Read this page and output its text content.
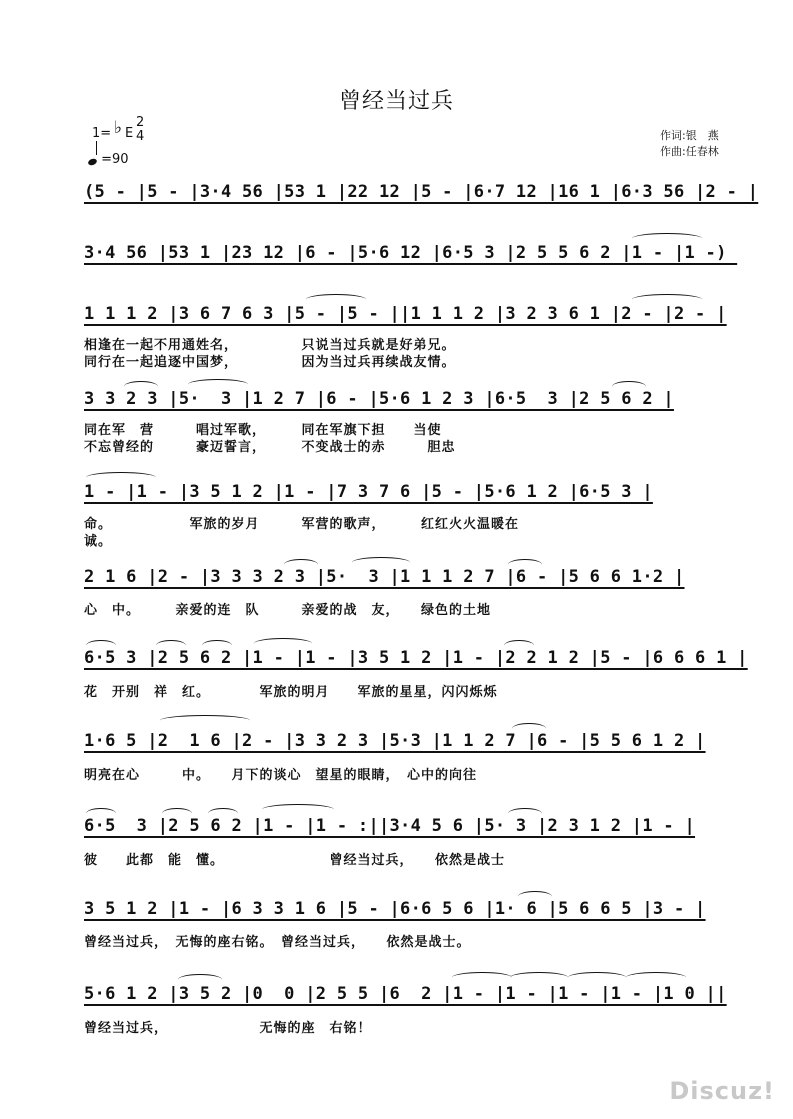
曾经当过兵
1= ♭ E
2
4
=90
作词:银　燕
作曲:任春林
(5 - |5 - |3·4 56 |53 1 |22 12 |5 - |6·7 12 |16 1 |6·3 56 |2 - |
3·4 56 |53 1 |23 12 |6 - |5·6 12 |6·5 3 |2 5 5 6 2 |1 - |1 -)
1 1 1 2 |3 6 7 6 3 |5 - |5 - ||1 1 1 2 |3 2 3 6 1 |2 - |2 - |
相逢在一起不用通姓名，　　　　　只说当过兵就是好弟兄。
同行在一起追逐中国梦，　　　　　因为当过兵再续战友情。
3 3 2 3 |5·  3 |1 2 7 |6 - |5·6 1 2 3 |6·5  3 |2 5 6 2 |
同在军　营　　　唱过军歌，　　　同在军旗下担　　当使
不忘曾经的　　　豪迈誓言，　　　不变战士的赤　　　胆忠
1 - |1 - |3 5 1 2 |1 - |7 3 7 6 |5 - |5·6 1 2 |6·5 3 |
命。　　　　　　军旅的岁月　　　军营的歌声，　　　红红火火温暖在
诚。
2 1 6 |2 - |3 3 3 2 3 |5·  3 |1 1 1 2 7 |6 - |5 6 6 1·2 |
心　中。　　　亲爱的连　队　　　亲爱的战　友，　　绿色的土地
6·5 3 |2 5 6 2 |1 - |1 - |3 5 1 2 |1 - |2 2 1 2 |5 - |6 6 6 1 |
花　开别　祥　红。　　　　军旅的明月　　军旅的星星，闪闪烁烁
1·6 5 |2  1 6 |2 - |3 3 2 3 |5·3 |1 1 2 7 |6 - |5 5 6 1 2 |
明亮在心　　　中。　　月下的谈心　望星的眼睛，　心中的向往
6·5  3 |2 5 6 2 |1 - |1 - :||3·4 5 6 |5· 3 |2 3 1 2 |1 - |
彼　　此都　能　懂。　　　　　　　　曾经当过兵，　　依然是战士
3 5 1 2 |1 - |6 3 3 1 6 |5 - |6·6 5 6 |1· 6 |5 6 6 5 |3 - |
曾经当过兵，　无悔的座右铭。　曾经当过兵，　　依然是战士。
5·6 1 2 |3 5 2 |0  0 |2 5 5 |6  2 |1 - |1 - |1 - |1 - |1 0 ||
曾经当过兵，　　　　　　　无悔的座　右铭！
Discuz!
